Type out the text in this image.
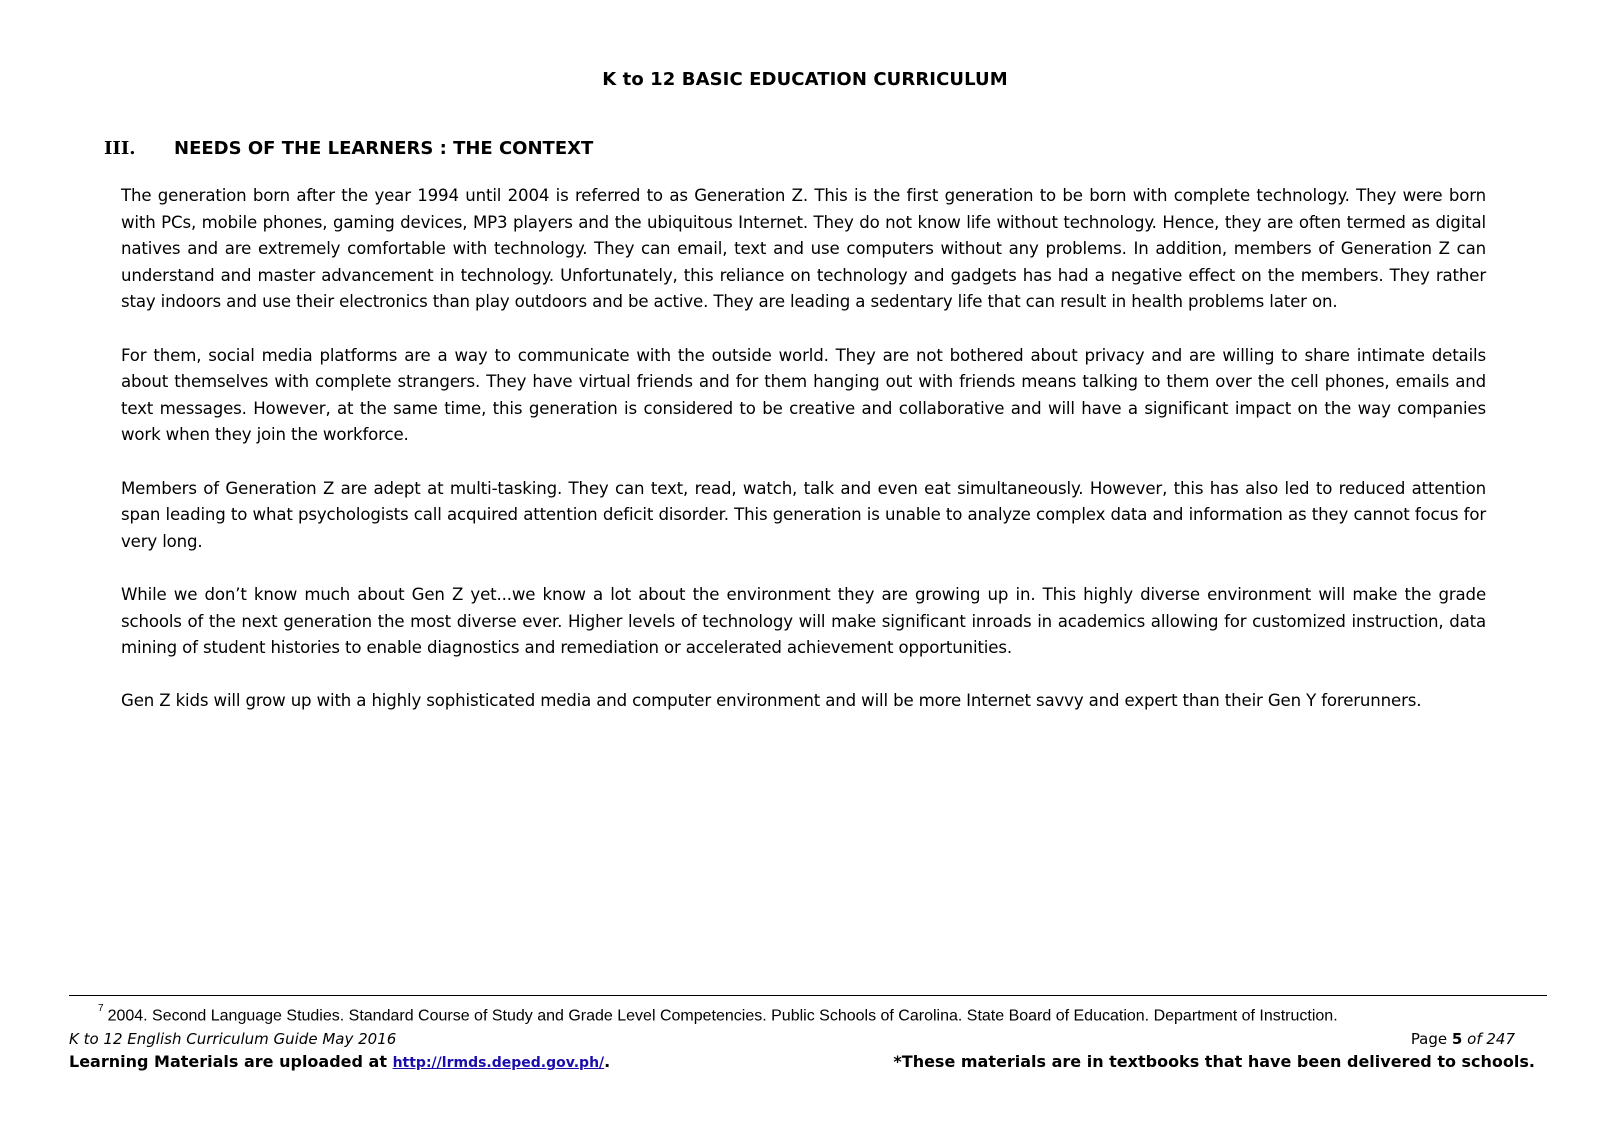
K to 12 BASIC EDUCATION CURRICULUM
III. NEEDS OF THE LEARNERS : THE CONTEXT

The generation born after the year 1994 until 2004 is referred to as Generation Z. This is the first generation to be born with complete technology. They were born with PCs, mobile phones, gaming devices, MP3 players and the ubiquitous Internet. They do not know life without technology. Hence, they are often termed as digital natives and are extremely comfortable with technology. They can email, text and use computers without any problems. In addition, members of Generation Z can understand and master advancement in technology. Unfortunately, this reliance on technology and gadgets has had a negative effect on the members. They rather stay indoors and use their electronics than play outdoors and be active. They are leading a sedentary life that can result in health problems later on.

For them, social media platforms are a way to communicate with the outside world. They are not bothered about privacy and are willing to share intimate details about themselves with complete strangers. They have virtual friends and for them hanging out with friends means talking to them over the cell phones, emails and text messages. However, at the same time, this generation is considered to be creative and collaborative and will have a significant impact on the way companies work when they join the workforce.

Members of Generation Z are adept at multi-tasking. They can text, read, watch, talk and even eat simultaneously. However, this has also led to reduced attention span leading to what psychologists call acquired attention deficit disorder. This generation is unable to analyze complex data and information as they cannot focus for very long.

While we don’t know much about Gen Z yet...we know a lot about the environment they are growing up in. This highly diverse environment will make the grade schools of the next generation the most diverse ever. Higher levels of technology will make significant inroads in academics allowing for customized instruction, data mining of student histories to enable diagnostics and remediation or accelerated achievement opportunities.

Gen Z kids will grow up with a highly sophisticated media and computer environment and will be more Internet savvy and expert than their Gen Y forerunners.

$^7$ 2004. Second Language Studies. Standard Course of Study and Grade Level Competencies. Public Schools of Carolina. State Board of Education. Department of Instruction.
K to 12 English Curriculum Guide May 2016	Page 5 of 247
Learning Materials are uploaded at http://lrmds.deped.gov.ph/.	*These materials are in textbooks that have been delivered to schools.
